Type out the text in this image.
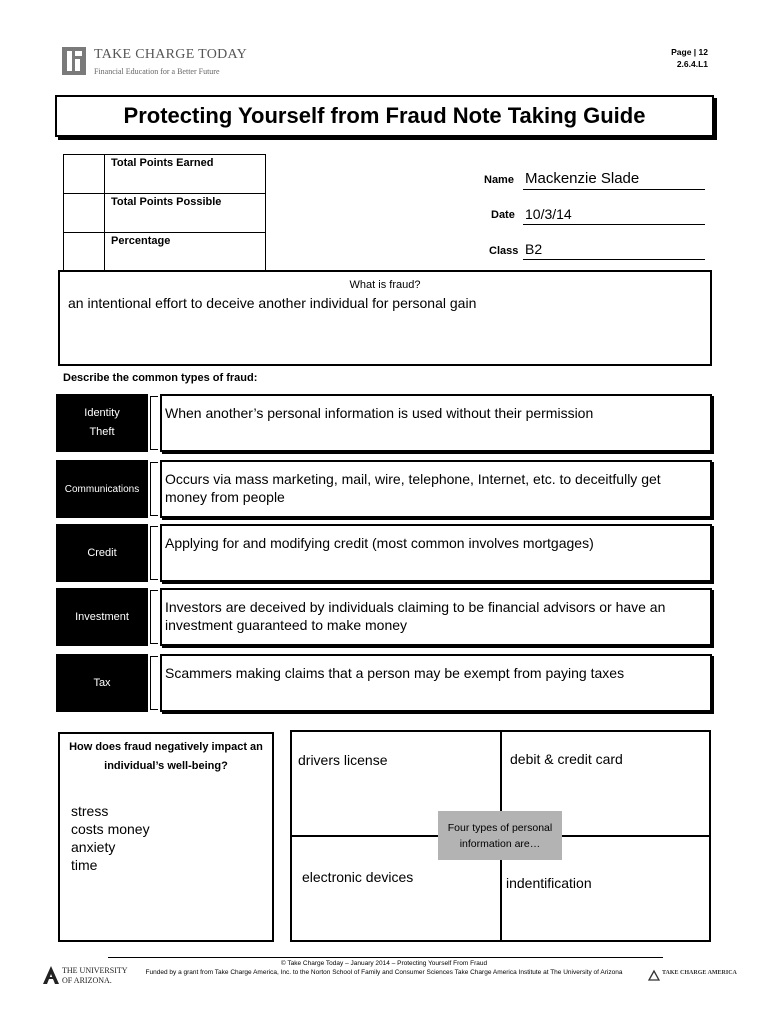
TAKE CHARGE TODAY
Financial Education for a Better Future
Page | 12
2.6.4.L1
Protecting Yourself from Fraud Note Taking Guide
	Total Points Earned
	Total Points Possible
	Percentage
Name Mackenzie Slade
Date 10/3/14
Class B2
What is fraud?
an intentional effort to deceive another individual for personal gain
Describe the common types of fraud:
Identity Theft
When another’s personal information is used without their permission
Communications
Occurs via mass marketing, mail, wire, telephone, Internet, etc. to deceitfully get money from people
Credit
Applying for and modifying credit (most common involves mortgages)
Investment
Investors are deceived by individuals claiming to be financial advisors or have an investment guaranteed to make money
Tax
Scammers making claims that a person may be exempt from paying taxes
How does fraud negatively impact an individual’s well-being?
stress
costs money
anxiety
time
drivers license	debit & credit card
electronic devices	indentification
Four types of personal information are…
© Take Charge Today – January 2014 – Protecting Yourself From Fraud
Funded by a grant from Take Charge America, Inc. to the Norton School of Family and Consumer Sciences Take Charge America Institute at The University of Arizona
THE UNIVERSITY
OF ARIZONA.
TAKE CHARGE AMERICA
